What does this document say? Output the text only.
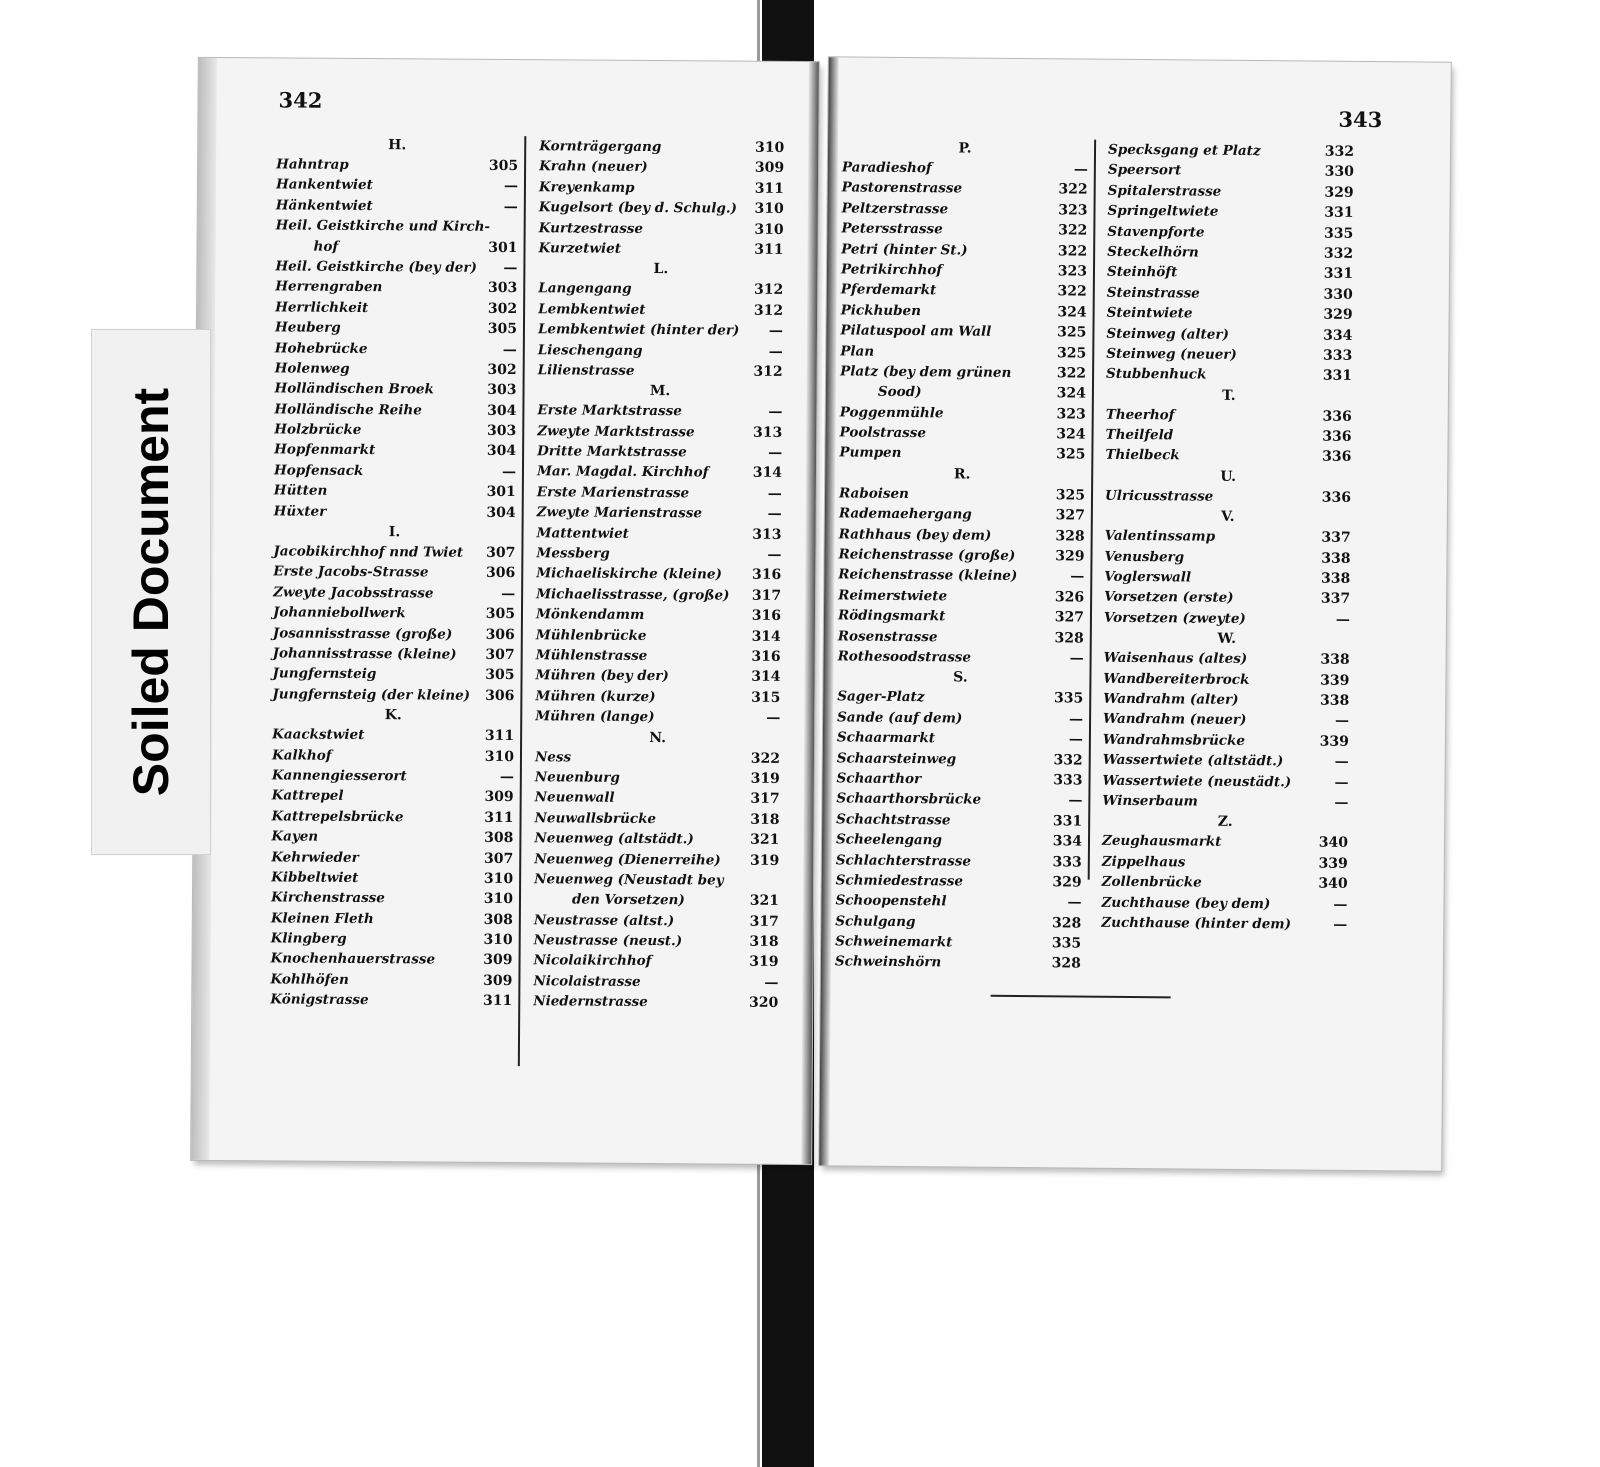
342
H.
Hahntrap	305
Hankentwiet	—
Hänkentwiet	—
Heil. Geistkirche und Kirch-
hof	301
Heil. Geistkirche (bey der) —
Herrengraben	303
Herrlichkeit	302
Heuberg	305
Hohebrücke	—
Holenweg	302
Holländischen Broek	303
Holländische Reihe	304
Holzbrücke	303
Hopfenmarkt	304
Hopfensack	—
Hütten	301
Hüxter	304
I.
Jacobikirchhof nnd Twiet 307
Erste Jacobs-Strasse	306
Zweyte Jacobsstrasse	—
Johanniebollwerk	305
Josannisstrasse (große) 306
Johannisstrasse (kleine) 307
Jungfernsteig	305
Jungfernsteig (der kleine) 306
K.
Kaackstwiet	311
Kalkhof	310
Kannengiesserort	—
Kattrepel	309
Kattrepelsbrücke	311
Kayen	308
Kehrwieder	307
Kibbeltwiet	310
Kirchenstrasse	310
Kleinen Fleth	308
Klingberg	310
Knochenhauerstrasse	309
Kohlhöfen	309
Königstrasse	311
Kornträgergang	310
Krahn (neuer)	309
Kreyenkamp	311
Kugelsort (bey d. Schulg.) 310
Kurtzestrasse	310
Kurzetwiet	311
L.
Langengang	312
Lembkentwiet	312
Lembkentwiet (hinter der) —
Lieschengang	—
Lilienstrasse	312
M.
Erste Marktstrasse	—
Zweyte Marktstrasse	313
Dritte Marktstrasse	—
Mar. Magdal. Kirchhof	314
Erste Marienstrasse	—
Zweyte Marienstrasse	—
Mattentwiet	313
Messberg	—
Michaeliskirche (kleine) 316
Michaelisstrasse, (große) 317
Mönkendamm	316
Mühlenbrücke	314
Mühlenstrasse	316
Mühren (bey der)	314
Mühren (kurze)	315
Mühren (lange)	—
N.
Ness	322
Neuenburg	319
Neuenwall	317
Neuwallsbrücke	318
Neuenweg (altstädt.)	321
Neuenweg (Dienerreihe) 319
Neuenweg (Neustadt bey
den Vorsetzen)	321
Neustrasse (altst.)	317
Neustrasse (neust.)	318
Nicolaikirchhof	319
Nicolaistrasse	—
Niedernstrasse	320
343
P.
Paradieshof	—
Pastorenstrasse	322
Peltzerstrasse	323
Petersstrasse	322
Petri (hinter St.)	322
Petrikirchhof	323
Pferdemarkt	322
Pickhuben	324
Pilatuspool am Wall	325
Plan	325
Platz (bey dem grünen	322
Sood)	324
Poggenmühle	323
Poolstrasse	324
Pumpen	325
R.
Raboisen	325
Rademaehergang	327
Rathhaus (bey dem)	328
Reichenstrasse (große)	329
Reichenstrasse (kleine)	—
Reimerstwiete	326
Rödingsmarkt	327
Rosenstrasse	328
Rothesoodstrasse	—
S.
Sager-Platz	335
Sande (auf dem)	—
Schaarmarkt	—
Schaarsteinweg	332
Schaarthor	333
Schaarthorsbrücke	—
Schachtstrasse	331
Scheelengang	334
Schlachterstrasse	333
Schmiedestrasse	329
Schoopenstehl	—
Schulgang	328
Schweinemarkt	335
Schweinshörn	328
Specksgang et Platz	332
Speersort	330
Spitalerstrasse	329
Springeltwiete	331
Stavenpforte	335
Steckelhörn	332
Steinhöft	331
Steinstrasse	330
Steintwiete	329
Steinweg (alter)	334
Steinweg (neuer)	333
Stubbenhuck	331
T.
Theerhof	336
Theilfeld	336
Thielbeck	336
U.
Ulricusstrasse	336
V.
Valentinssamp	337
Venusberg	338
Voglerswall	338
Vorsetzen (erste)	337
Vorsetzen (zweyte)	—
W.
Waisenhaus (altes)	338
Wandbereiterbrock	339
Wandrahm (alter)	338
Wandrahm (neuer)	—
Wandrahmsbrücke	339
Wassertwiete (altstädt.)	—
Wassertwiete (neustädt.)	—
Winserbaum	—
Z.
Zeughausmarkt	340
Zippelhaus	339
Zollenbrücke	340
Zuchthause (bey dem)	—
Zuchthause (hinter dem)	—
Soiled Document
